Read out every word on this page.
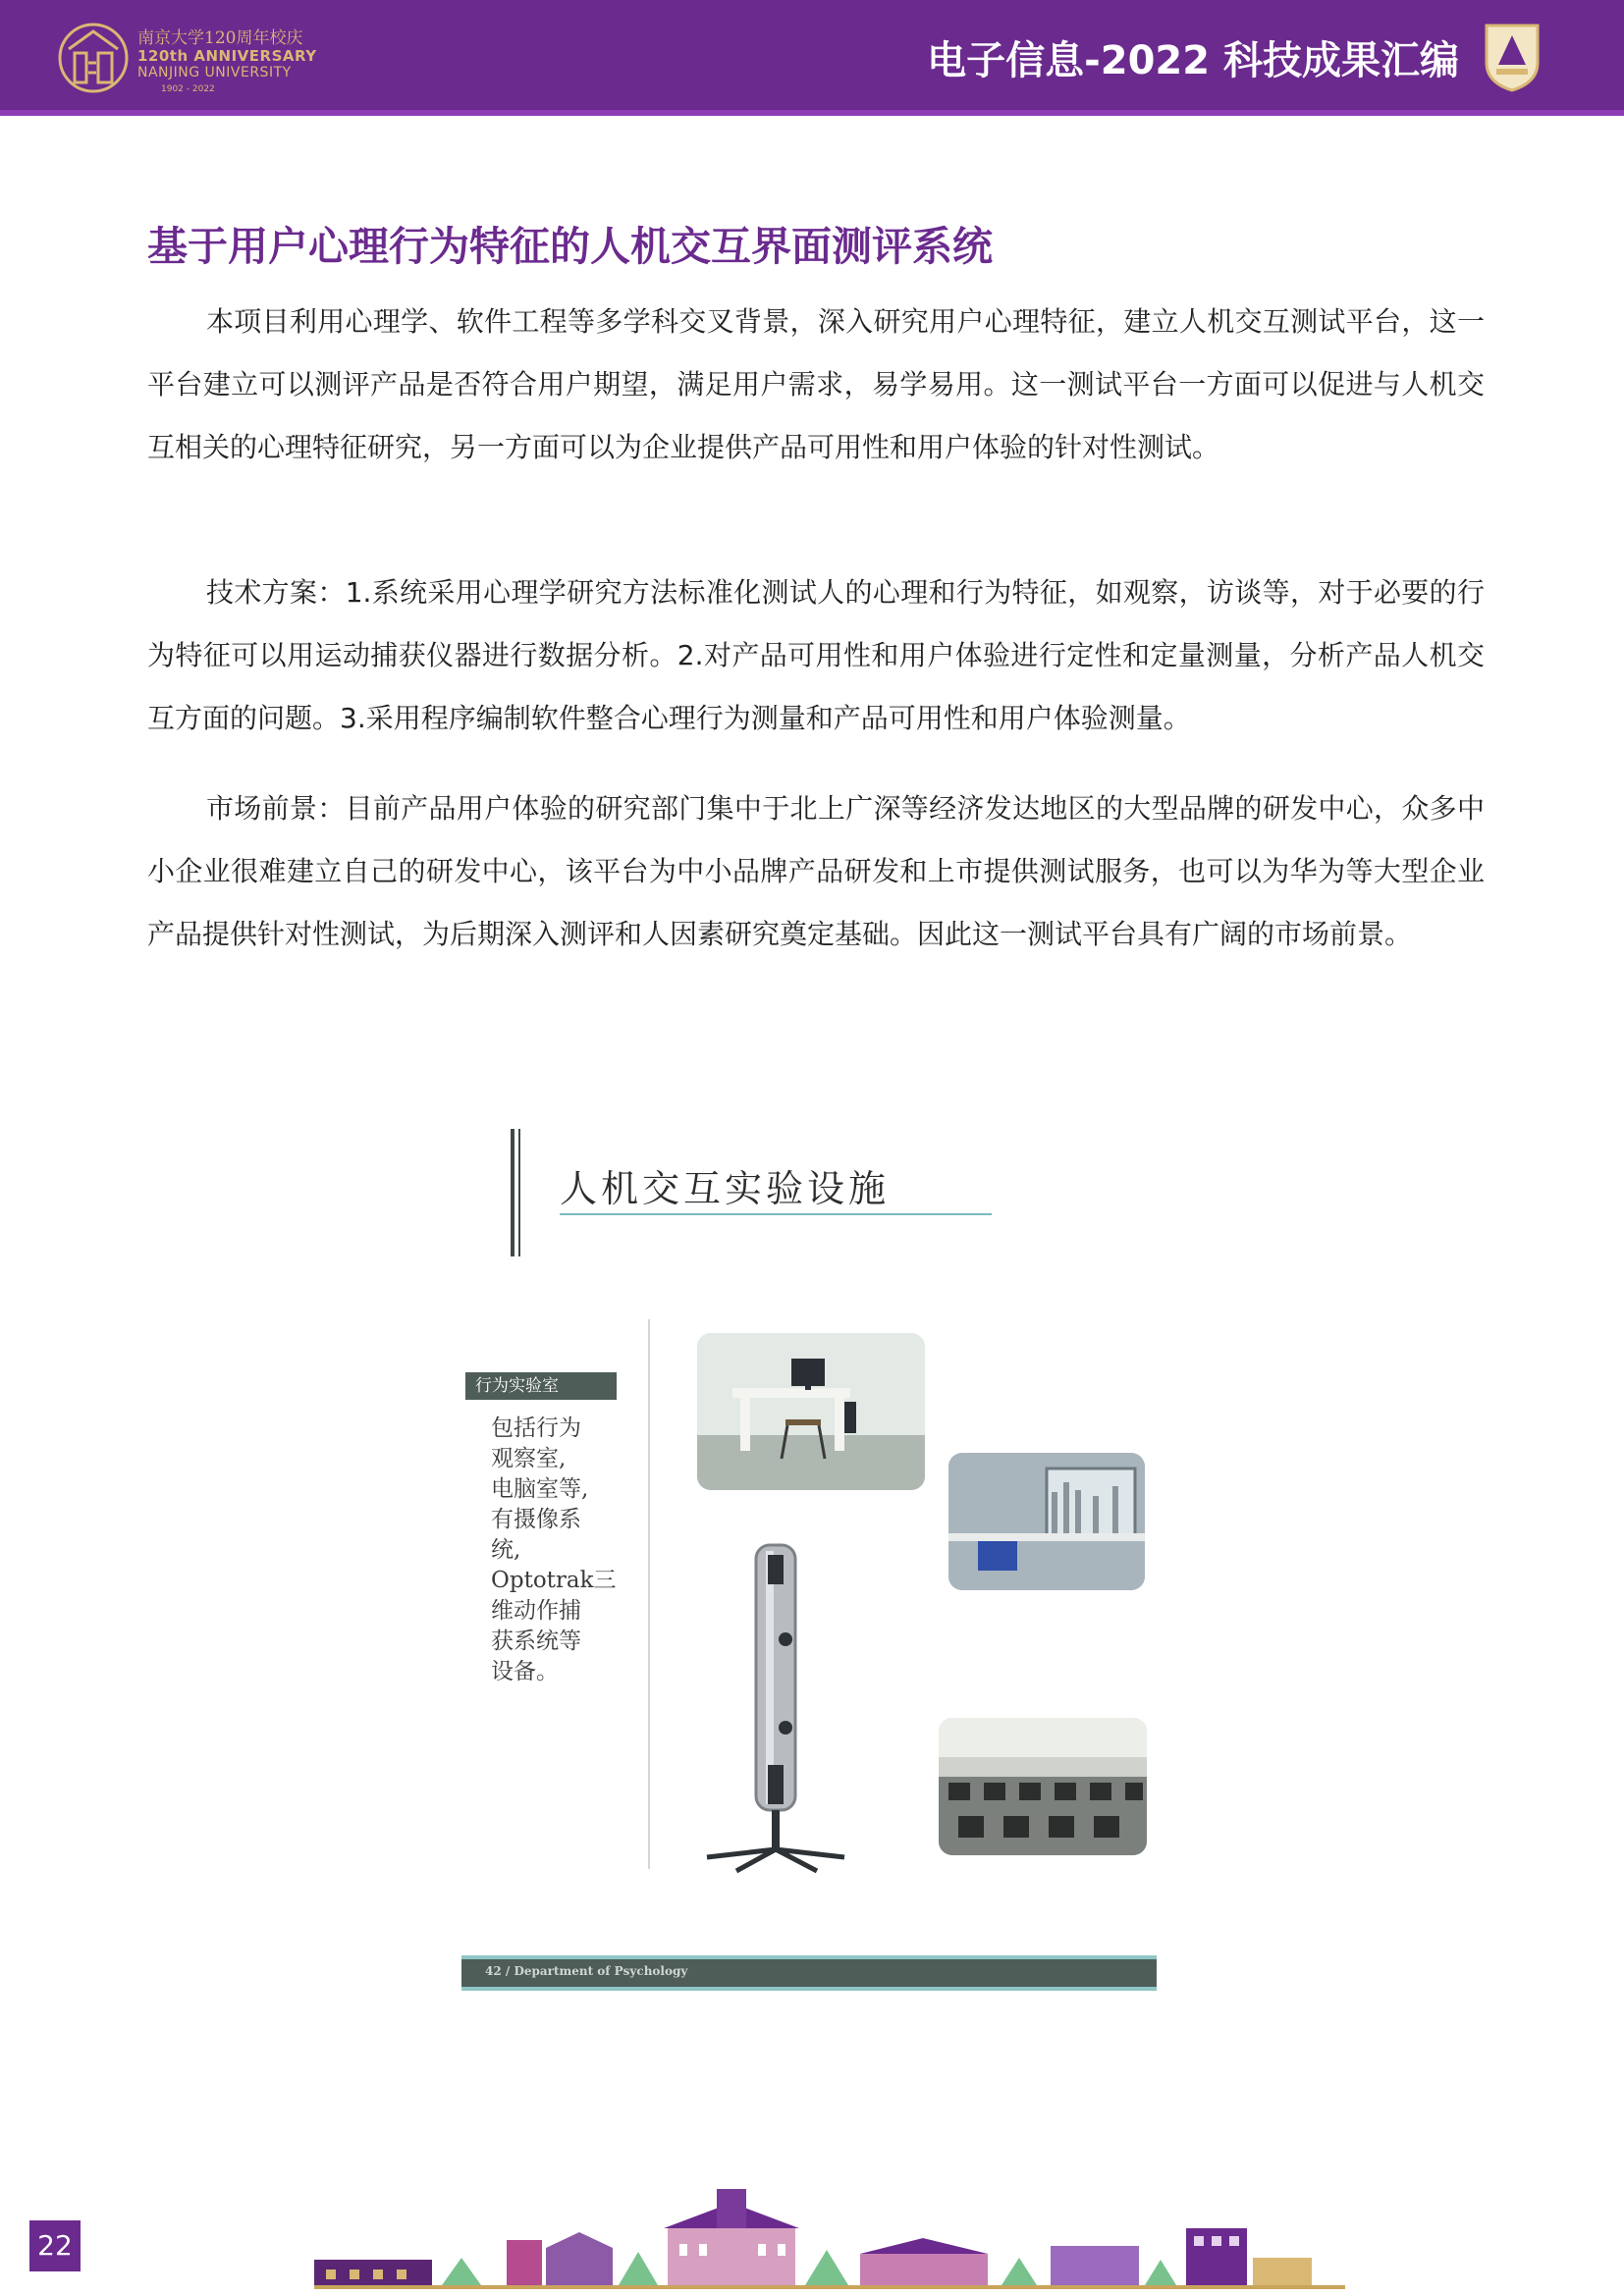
南京大学120周年校庆
120th ANNIVERSARY
NANJING UNIVERSITY
1902 - 2022
电子信息-2022 科技成果汇编
基于用户心理行为特征的人机交互界面测评系统

本项目利用心理学、软件工程等多学科交叉背景，深入研究用户心理特征，建立人机交互测试平台，这一平台建立可以测评产品是否符合用户期望，满足用户需求，易学易用。这一测试平台一方面可以促进与人机交互相关的心理特征研究，另一方面可以为企业提供产品可用性和用户体验的针对性测试。

技术方案：1.系统采用心理学研究方法标准化测试人的心理和行为特征，如观察，访谈等，对于必要的行为特征可以用运动捕获仪器进行数据分析。2.对产品可用性和用户体验进行定性和定量测量，分析产品人机交互方面的问题。3.采用程序编制软件整合心理行为测量和产品可用性和用户体验测量。

市场前景：目前产品用户体验的研究部门集中于北上广深等经济发达地区的大型品牌的研发中心，众多中小企业很难建立自己的研发中心，该平台为中小品牌产品研发和上市提供测试服务，也可以为华为等大型企业产品提供针对性测试，为后期深入测评和人因素研究奠定基础。因此这一测试平台具有广阔的市场前景。

人机交互实验设施
行为实验室
包括行为
观察室,
电脑室等,
有摄像系
统,
Optotrak三
维动作捕
获系统等
设备。
42 / Department of Psychology
22
